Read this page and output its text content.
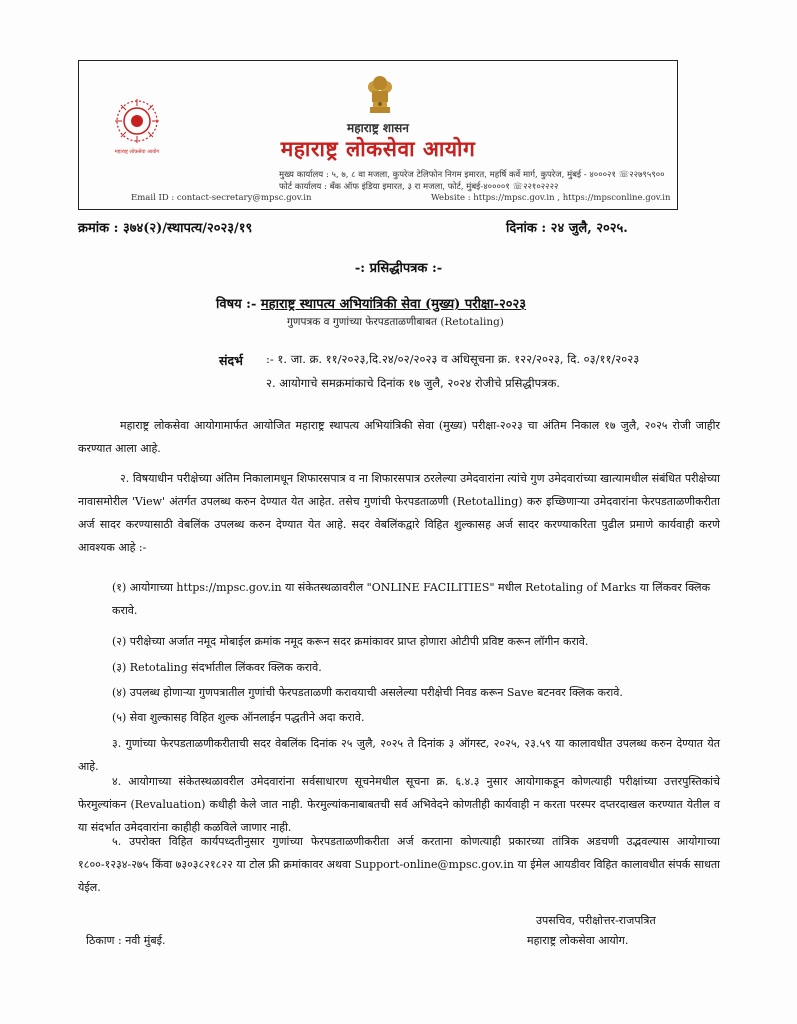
महाराष्ट्र लोकसेवा आयोग
महाराष्ट्र शासन
महाराष्ट्र लोकसेवा आयोग
मुख्य कार्यालय : ५, ७, ८ वा मजला, कुपरेज टेलिफोन निगम इमारत, महर्षि कर्वे मार्ग, कुपरेज, मुंबई - ४०००२१ ☏२२७९५९००
फोर्ट कार्यालय : बँक ऑफ इंडिया इमारत, ३ रा मजला, फोर्ट, मुंबई-४००००१ ☏२२१०२२२२
Email ID : contact-secretary@mpsc.gov.in	Website : https://mpsc.gov.in , https://mpsconline.gov.in
क्रमांक : ३७४(२)/स्थापत्य/२०२३/१९	दिनांक : २४ जुलै, २०२५.
-: प्रसिद्धीपत्रक :-
विषय :- महाराष्ट्र स्थापत्य अभियांत्रिकी सेवा (मुख्य) परीक्षा-२०२३
गुणपत्रक व गुणांच्या फेरपडताळणीबाबत (Retotaling)
संदर्भ :- १. जा. क्र. ११/२०२३,दि.२४/०२/२०२३ व अधिसूचना क्र. १२२/२०२३, दि. ०३/११/२०२३
२. आयोगाचे समक्रमांकाचे दिनांक १७ जुलै, २०२४ रोजीचे प्रसिद्धीपत्रक.
महाराष्ट्र लोकसेवा आयोगामार्फत आयोजित महाराष्ट्र स्थापत्य अभियांत्रिकी सेवा (मुख्य) परीक्षा-२०२३ चा अंतिम निकाल १७ जुलै, २०२५ रोजी जाहीर करण्यात आला आहे.
२. विषयाधीन परीक्षेच्या अंतिम निकालामधून शिफारसपात्र व ना शिफारसपात्र ठरलेल्या उमेदवारांना त्यांचे गुण उमेदवारांच्या खात्यामधील संबंधित परीक्षेच्या नावासमोरील 'View' अंतर्गत उपलब्ध करुन देण्यात येत आहेत. तसेच गुणांची फेरपडताळणी (Retotalling) करु इच्छिणाऱ्या उमेदवारांना फेरपडताळणीकरीता अर्ज सादर करण्यासाठी वेबलिंक उपलब्ध करुन देण्यात येत आहे. सदर वेबलिंकद्वारे विहित शुल्कासह अर्ज सादर करण्याकरिता पुढील प्रमाणे कार्यवाही करणे आवश्यक आहे :-
(१) आयोगाच्या https://mpsc.gov.in या संकेतस्थळावरील "ONLINE FACILITIES" मधील Retotaling of Marks या लिंकवर क्लिक करावे.
(२) परीक्षेच्या अर्जात नमूद मोबाईल क्रमांक नमूद करून सदर क्रमांकावर प्राप्त होणारा ओटीपी प्रविष्ट करून लॉगीन करावे.
(३) Retotaling संदर्भातील लिंकवर क्लिक करावे.
(४) उपलब्ध होणाऱ्या गुणपत्रातील गुणांची फेरपडताळणी करावयाची असलेल्या परीक्षेची निवड करून Save बटनवर क्लिक करावे.
(५) सेवा शुल्कासह विहित शुल्क ऑनलाईन पद्धतीने अदा करावे.
३. गुणांच्या फेरपडताळणीकरीताची सदर वेबलिंक दिनांक २५ जुलै, २०२५ ते दिनांक ३ ऑगस्ट, २०२५, २३.५९ या कालावधीत उपलब्ध करुन देण्यात येत आहे.
४. आयोगाच्या संकेतस्थळावरील उमेदवारांना सर्वसाधारण सूचनेमधील सूचना क्र. ६.४.३ नुसार आयोगाकडून कोणत्याही परीक्षांच्या उत्तरपुस्तिकांचे फेरमुल्यांकन (Revaluation) कधीही केले जात नाही. फेरमुल्यांकनाबाबतची सर्व अभिवेदने कोणतीही कार्यवाही न करता परस्पर दप्तरदाखल करण्यात येतील व या संदर्भात उमेदवारांना काहीही कळविले जाणार नाही.
५. उपरोक्त विहित कार्यपध्दतीनुसार गुणांच्या फेरपडताळणीकरीता अर्ज करताना कोणत्याही प्रकारच्या तांत्रिक अडचणी उद्भवल्यास आयोगाच्या १८००-१२३४-२७५ किंवा ७३०३८२१८२२ या टोल फ्री क्रमांकावर अथवा Support-online@mpsc.gov.in या ईमेल आयडीवर विहित कालावधीत संपर्क साधता येईल.
उपसचिव, परीक्षोत्तर-राजपत्रित
महाराष्ट्र लोकसेवा आयोग.
ठिकाण : नवी मुंबई.
